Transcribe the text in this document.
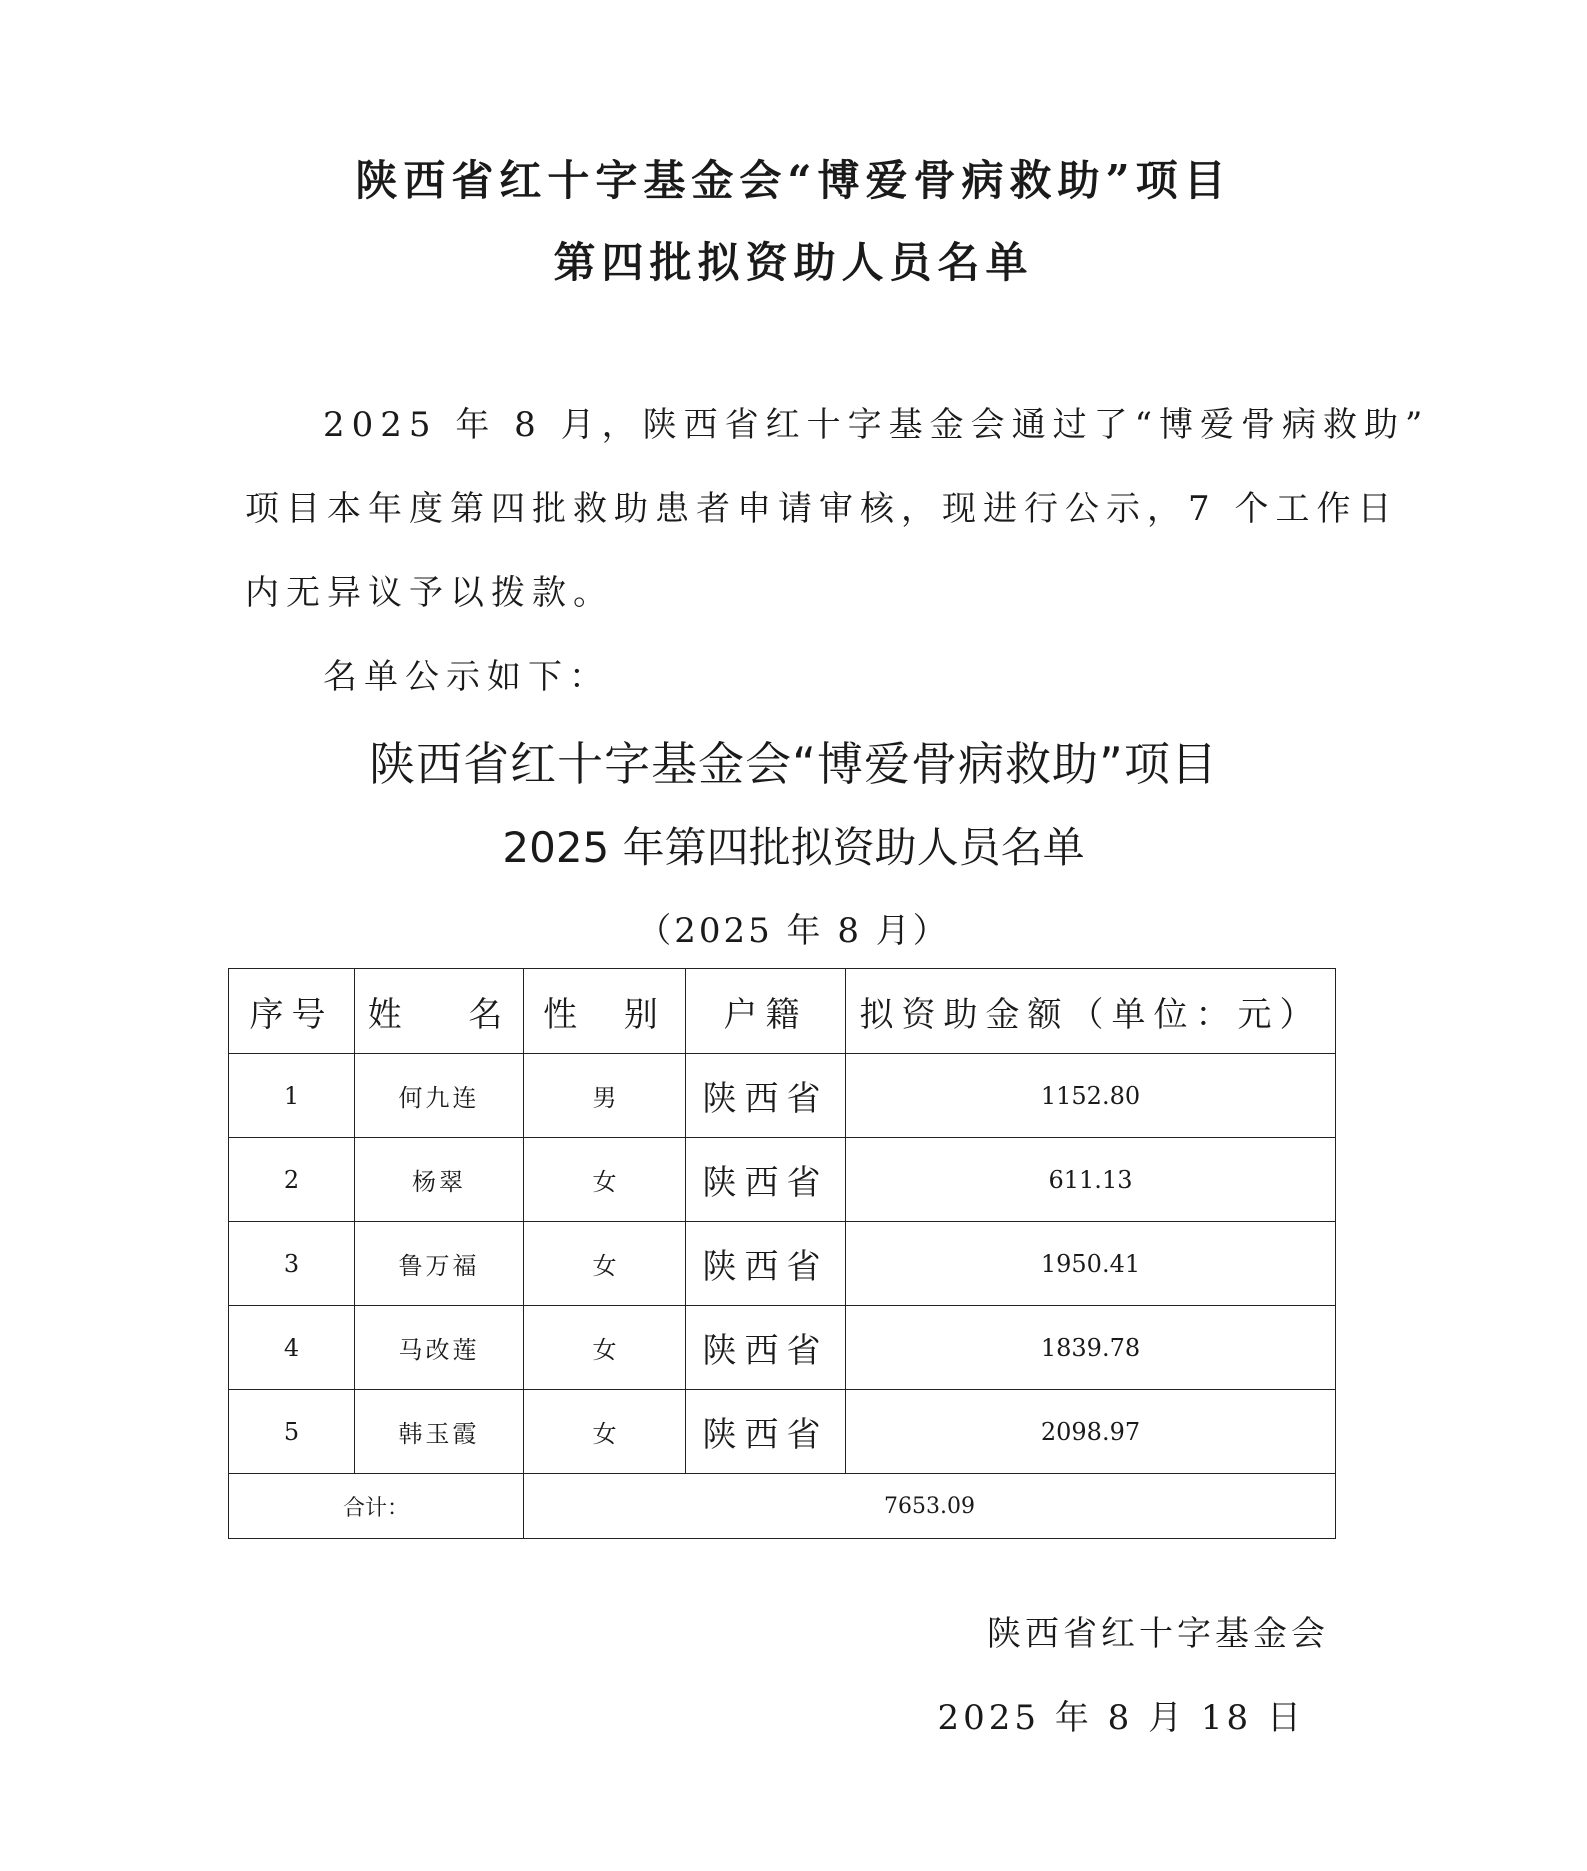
陕西省红十字基金会“博爱骨病救助”项目
第四批拟资助人员名单
2025 年 8 月，陕西省红十字基金会通过了“博爱骨病救助”
项目本年度第四批救助患者申请审核，现进行公示，7 个工作日
内无异议予以拨款。
名单公示如下：
陕西省红十字基金会“博爱骨病救助”项目
2025 年第四批拟资助人员名单
（2025 年 8 月）
序号	姓 名	性 别	户籍	拟资助金额（单位：元）
1	何九连	男	陕西省	1152.80
2	杨翠	女	陕西省	611.13
3	鲁万福	女	陕西省	1950.41
4	马改莲	女	陕西省	1839.78
5	韩玉霞	女	陕西省	2098.97
合计：		7653.09		
陕西省红十字基金会
2025 年 8 月 18 日
